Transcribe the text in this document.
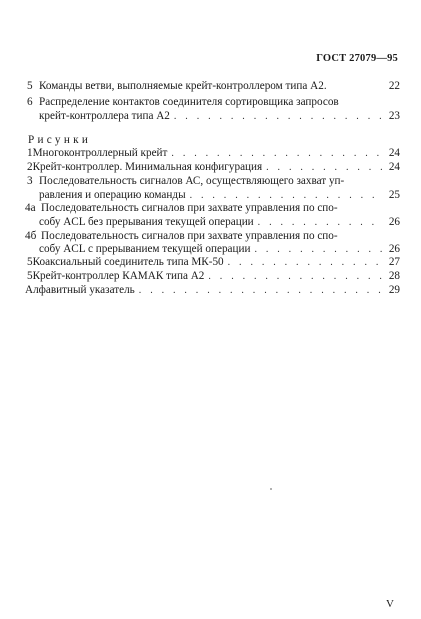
ГОСТ 27079—95
5 Команды ветви, выполняемые крейт-контроллером типа А2.	22
6 Распределение контактов соединителя сортировщика запросов
крейт-контроллера типа А2 . . .	23
Рисунки
1 Многоконтроллерный крейт . . .	24
2 Крейт-контроллер. Минимальная конфигурация . . .	24
3 Последовательность сигналов АС, осуществляющего захват уп-
равления и операцию команды . . .	25
4а Последовательность сигналов при захвате управления по спо-
собу ACL без прерывания текущей операции . . .	26
4б Последовательность сигналов при захвате управления по спо-
собу ACL с прерыванием текущей операции . . .	26
5 Коаксиальный соединитель типа МК-50 . . .	27
5 Крейт-контроллер КАМАК типа А2 . . .	28
Алфавитный указатель . . .	29
V
